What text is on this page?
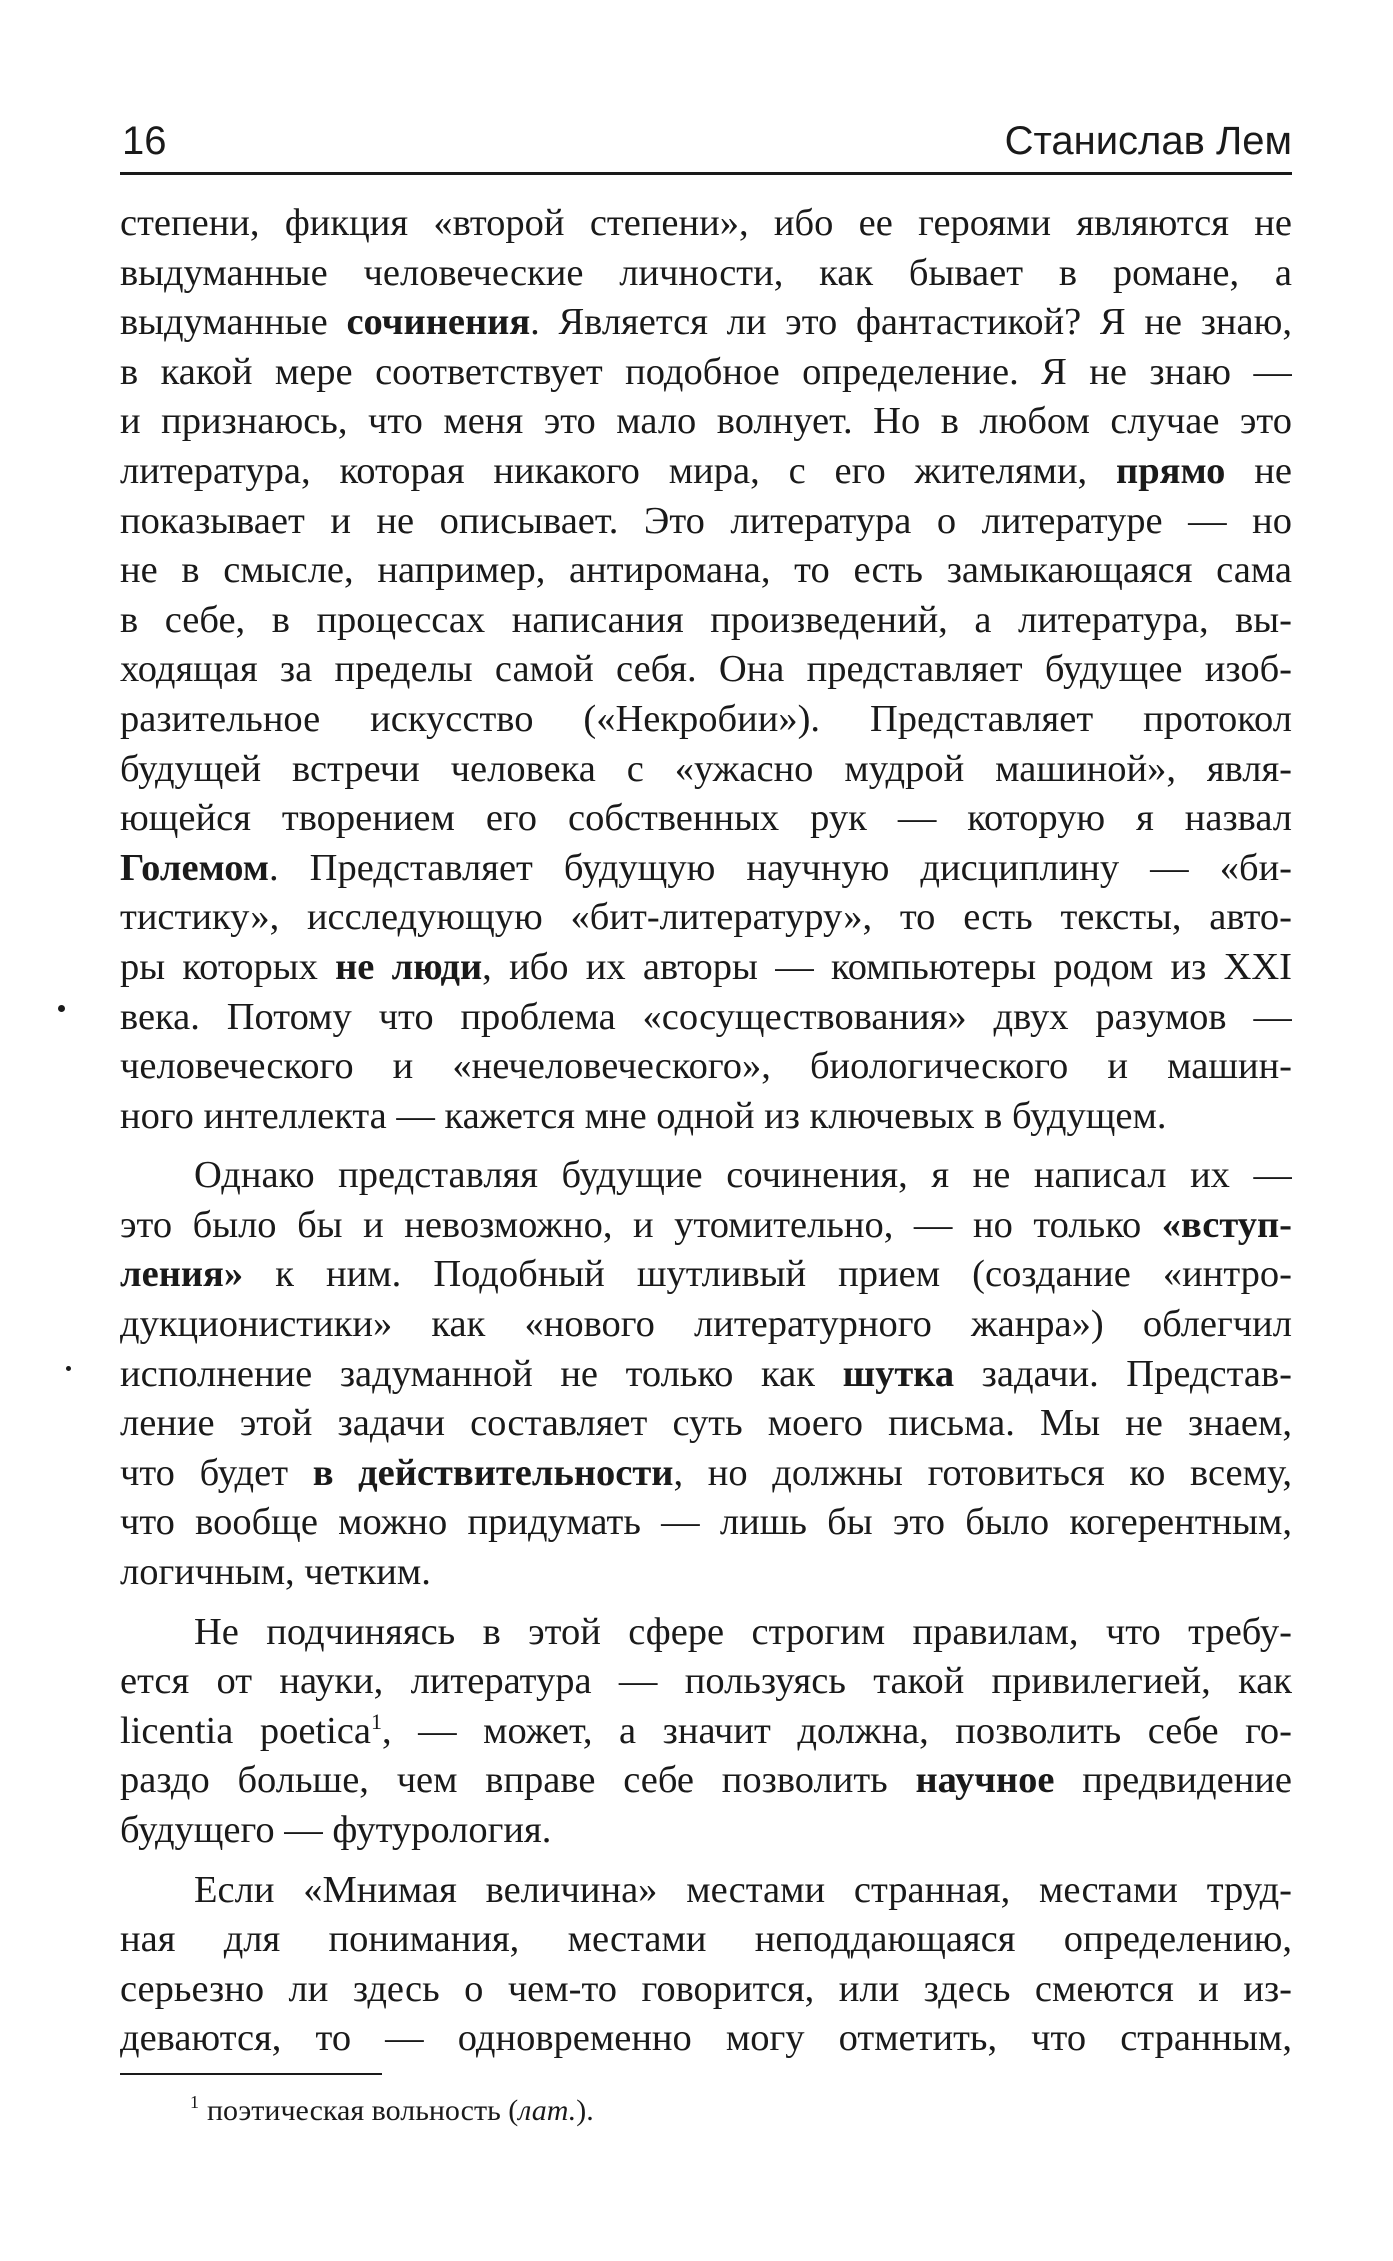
16	Станислав Лем
степени, фикция «второй степени», ибо ее героями являются не
выдуманные человеческие личности, как бывает в романе, а
выдуманные сочинения. Является ли это фантастикой? Я не знаю,
в какой мере соответствует подобное определение. Я не знаю —
и признаюсь, что меня это мало волнует. Но в любом случае это
литература, которая никакого мира, с его жителями, прямо не
показывает и не описывает. Это литература о литературе — но
не в смысле, например, антиромана, то есть замыкающаяся сама
в себе, в процессах написания произведений, а литература, вы-
ходящая за пределы самой себя. Она представляет будущее изоб-
разительное искусство («Некробии»). Представляет протокол
будущей встречи человека с «ужасно мудрой машиной», явля-
ющейся творением его собственных рук — которую я назвал
Големом. Представляет будущую научную дисциплину — «би-
тистику», исследующую «бит-литературу», то есть тексты, авто-
ры которых не люди, ибо их авторы — компьютеры родом из XXI
века. Потому что проблема «сосуществования» двух разумов —
человеческого и «нечеловеческого», биологического и машин-
ного интеллекта — кажется мне одной из ключевых в будущем.
Однако представляя будущие сочинения, я не написал их —
это было бы и невозможно, и утомительно, — но только «вступ-
ления» к ним. Подобный шутливый прием (создание «интро-
дукционистики» как «нового литературного жанра») облегчил
исполнение задуманной не только как шутка задачи. Представ-
ление этой задачи составляет суть моего письма. Мы не знаем,
что будет в действительности, но должны готовиться ко всему,
что вообще можно придумать — лишь бы это было когерентным,
логичным, четким.
Не подчиняясь в этой сфере строгим правилам, что требу-
ется от науки, литература — пользуясь такой привилегией, как
licentia poetica$^1$, — может, а значит должна, позволить себе го-
раздо больше, чем вправе себе позволить научное предвидение
будущего — футурология.
Если «Мнимая величина» местами странная, местами труд-
ная для понимания, местами неподдающаяся определению,
серьезно ли здесь о чем-то говорится, или здесь смеются и из-
деваются, то — одновременно могу отметить, что странным,
$^1$ поэтическая вольность (лат.).
